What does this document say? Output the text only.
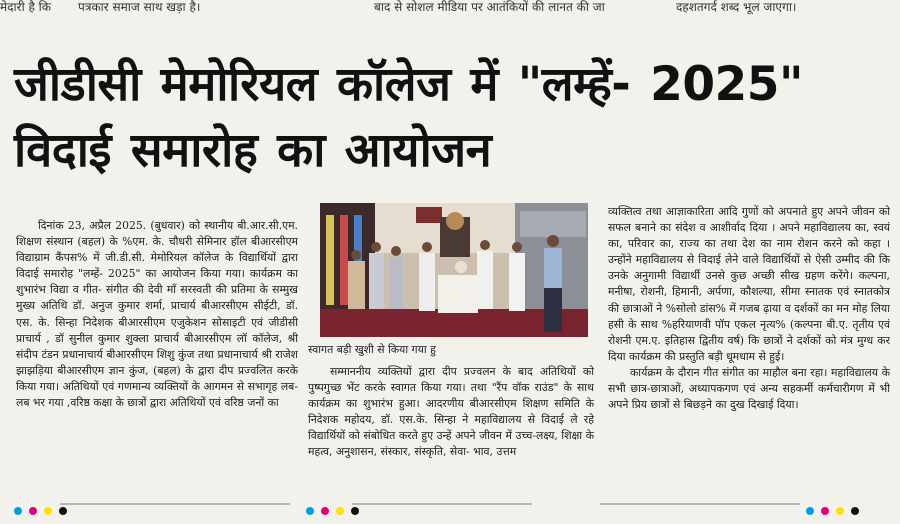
मेदारी है कि पत्रकार समाज साथ खड़ा है।	बाद से सोशल मीडिया पर आतंकियों की लानत की जा	दहशतगर्द शब्द भूल जाएगा।
जीडीसी मेमोरियल कॉलेज में "लम्हें- 2025" विदाई समारोह का आयोजन

दिनांक 23, अप्रैल 2025. (बुधवार) को स्थानीय बी.आर.सी.एम. शिक्षण संस्थान (बहल) के %एम. के. चौधरी सेमिनार हॉल बीआरसीएम विद्याग्राम कैंपस% में जी.डी.सी. मेमोरियल कॉलेज के विद्यार्थियों द्वारा विदाई समारोह "लम्हें- 2025" का आयोजन किया गया। कार्यक्रम का शुभारंभ विद्या व गीत- संगीत की देवी माँ सरस्वती की प्रतिमा के सम्मुख मुख्य अतिथि डॉ. अनुज कुमार शर्मा, प्राचार्य बीआरसीएम सीईटी, डॉ. एस. के. सिन्हा निदेशक बीआरसीएम एजुकेशन सोसाइटी एवं जीडीसी प्राचार्य , डॉ सुनील कुमार शुक्ला प्राचार्य बीआरसीएम लॉ कॉलेज, श्री संदीप टंडन प्रधानाचार्य बीआरसीएम शिशु कुंज तथा प्रधानाचार्य श्री राजेश झाझड़िया बीआरसीएम ज्ञान कुंज, (बहल) के द्वारा दीप प्रज्वलित करके किया गया। अतिथियों एवं गणमान्य व्यक्तियों के आगमन से सभागृह लब-लब भर गया ,वरिष्ठ कक्षा के छात्रों द्वारा अतिथियों एवं वरिष्ठ जनों का

स्वागत बड़ी खुशी से किया गया हु

सम्माननीय व्यक्तियों द्वारा दीप प्रज्वलन के बाद अतिथियों को पुष्पगुच्छ भेंट करके स्वागत किया गया। तथा "रैंप वॉक राउंड" के साथ कार्यक्रम का शुभारंभ हुआ। आदरणीय बीआरसीएम शिक्षण समिति के निदेशक महोदय, डॉ. एस.के. सिन्हा ने महाविद्यालय से विदाई ले रहे विद्यार्थियों को संबोधित करते हुए उन्हें अपने जीवन में उच्च-लक्ष्य, शिक्षा के महत्व, अनुशासन, संस्कार, संस्कृति, सेवा- भाव, उत्तम

व्यक्तित्व तथा आज्ञाकारिता आदि गुणों को अपनाते हुए अपने जीवन को सफल बनाने का संदेश व आशीर्वाद दिया । अपने महाविद्यालय का, स्वयं का, परिवार का, राज्य का तथा देश का नाम रोशन करने को कहा । उन्होंने महाविद्यालय से विदाई लेने वाले विद्यार्थियों से ऐसी उम्मीद की कि उनके अनुगामी विद्यार्थी उनसे कुछ अच्छी सीख ग्रहण करेंगे। कल्पना, मनीषा, रोशनी, हिमानी, अर्पणा, कौशल्या, सीमा स्नातक एवं स्नातकोत्र की छात्राओं ने %सोलो डांस% में गजब ढ़ाया व दर्शकों का मन मोह लिया हसी के साथ %हरियाणवी पॉप एकल नृत्य% (कल्पना बी.ए. तृतीय एवं रोशनी एम.ए. इतिहास द्वितीय वर्ष) कि छात्रों ने दर्शकों को मंत्र मुग्ध कर दिया कार्यक्रम की प्रस्तुति बड़ी धूमधाम से हुई।

कार्यक्रम के दौरान गीत संगीत का माहौल बना रहा। महाविद्यालय के सभी छात्र-छात्राओं, अध्यापकगण एवं अन्य सहकर्मी कर्मचारीगण में भी अपने प्रिय छात्रों से बिछड़ने का दुख दिखाई दिया।
